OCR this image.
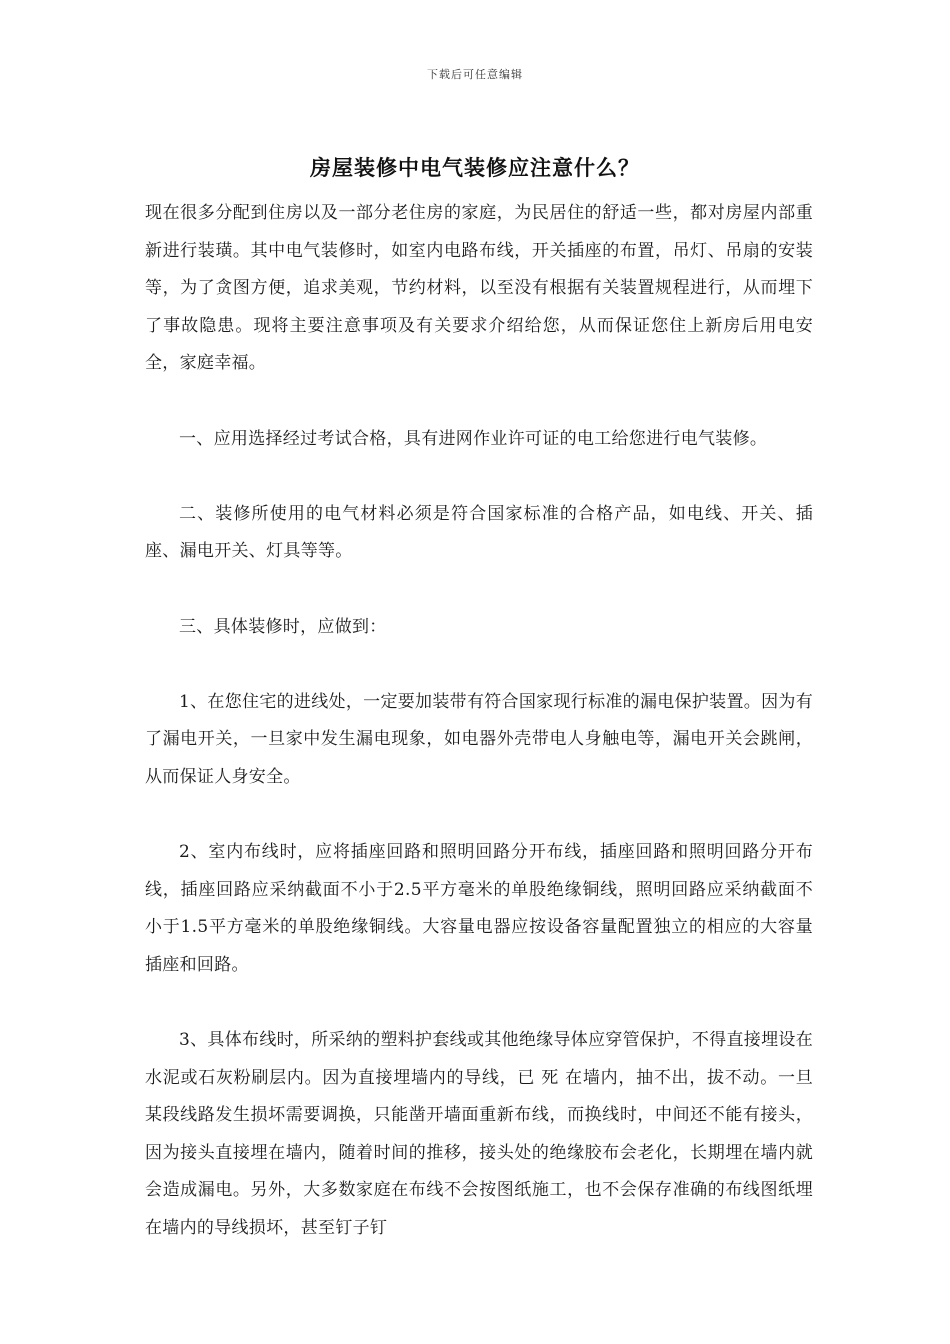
下载后可任意编辑
房屋装修中电气装修应注意什么？

现在很多分配到住房以及一部分老住房的家庭，为民居住的舒适一些，都对房屋内部重新进行装璜。其中电气装修时，如室内电路布线，开关插座的布置，吊灯、吊扇的安装等，为了贪图方便，追求美观，节约材料，以至没有根据有关装置规程进行，从而埋下了事故隐患。现将主要注意事项及有关要求介绍给您，从而保证您住上新房后用电安全，家庭幸福。

一、应用选择经过考试合格，具有进网作业许可证的电工给您进行电气装修。

二、装修所使用的电气材料必须是符合国家标准的合格产品，如电线、开关、插座、漏电开关、灯具等等。

三、具体装修时，应做到：

1、在您住宅的进线处，一定要加装带有符合国家现行标准的漏电保护装置。因为有了漏电开关，一旦家中发生漏电现象，如电器外壳带电人身触电等，漏电开关会跳闸，从而保证人身安全。

2、室内布线时，应将插座回路和照明回路分开布线，插座回路和照明回路分开布线，插座回路应采纳截面不小于2.5平方毫米的单股绝缘铜线，照明回路应采纳截面不小于1.5平方毫米的单股绝缘铜线。大容量电器应按设备容量配置独立的相应的大容量插座和回路。

3、具体布线时，所采纳的塑料护套线或其他绝缘导体应穿管保护，不得直接埋设在水泥或石灰粉刷层内。因为直接埋墙内的导线，已 死 在墙内，抽不出，拔不动。一旦某段线路发生损坏需要调换，只能凿开墙面重新布线，而换线时，中间还不能有接头，因为接头直接埋在墙内，随着时间的推移，接头处的绝缘胶布会老化，长期埋在墙内就会造成漏电。另外，大多数家庭在布线不会按图纸施工，也不会保存准确的布线图纸埋在墙内的导线损坏，甚至钉子钉
